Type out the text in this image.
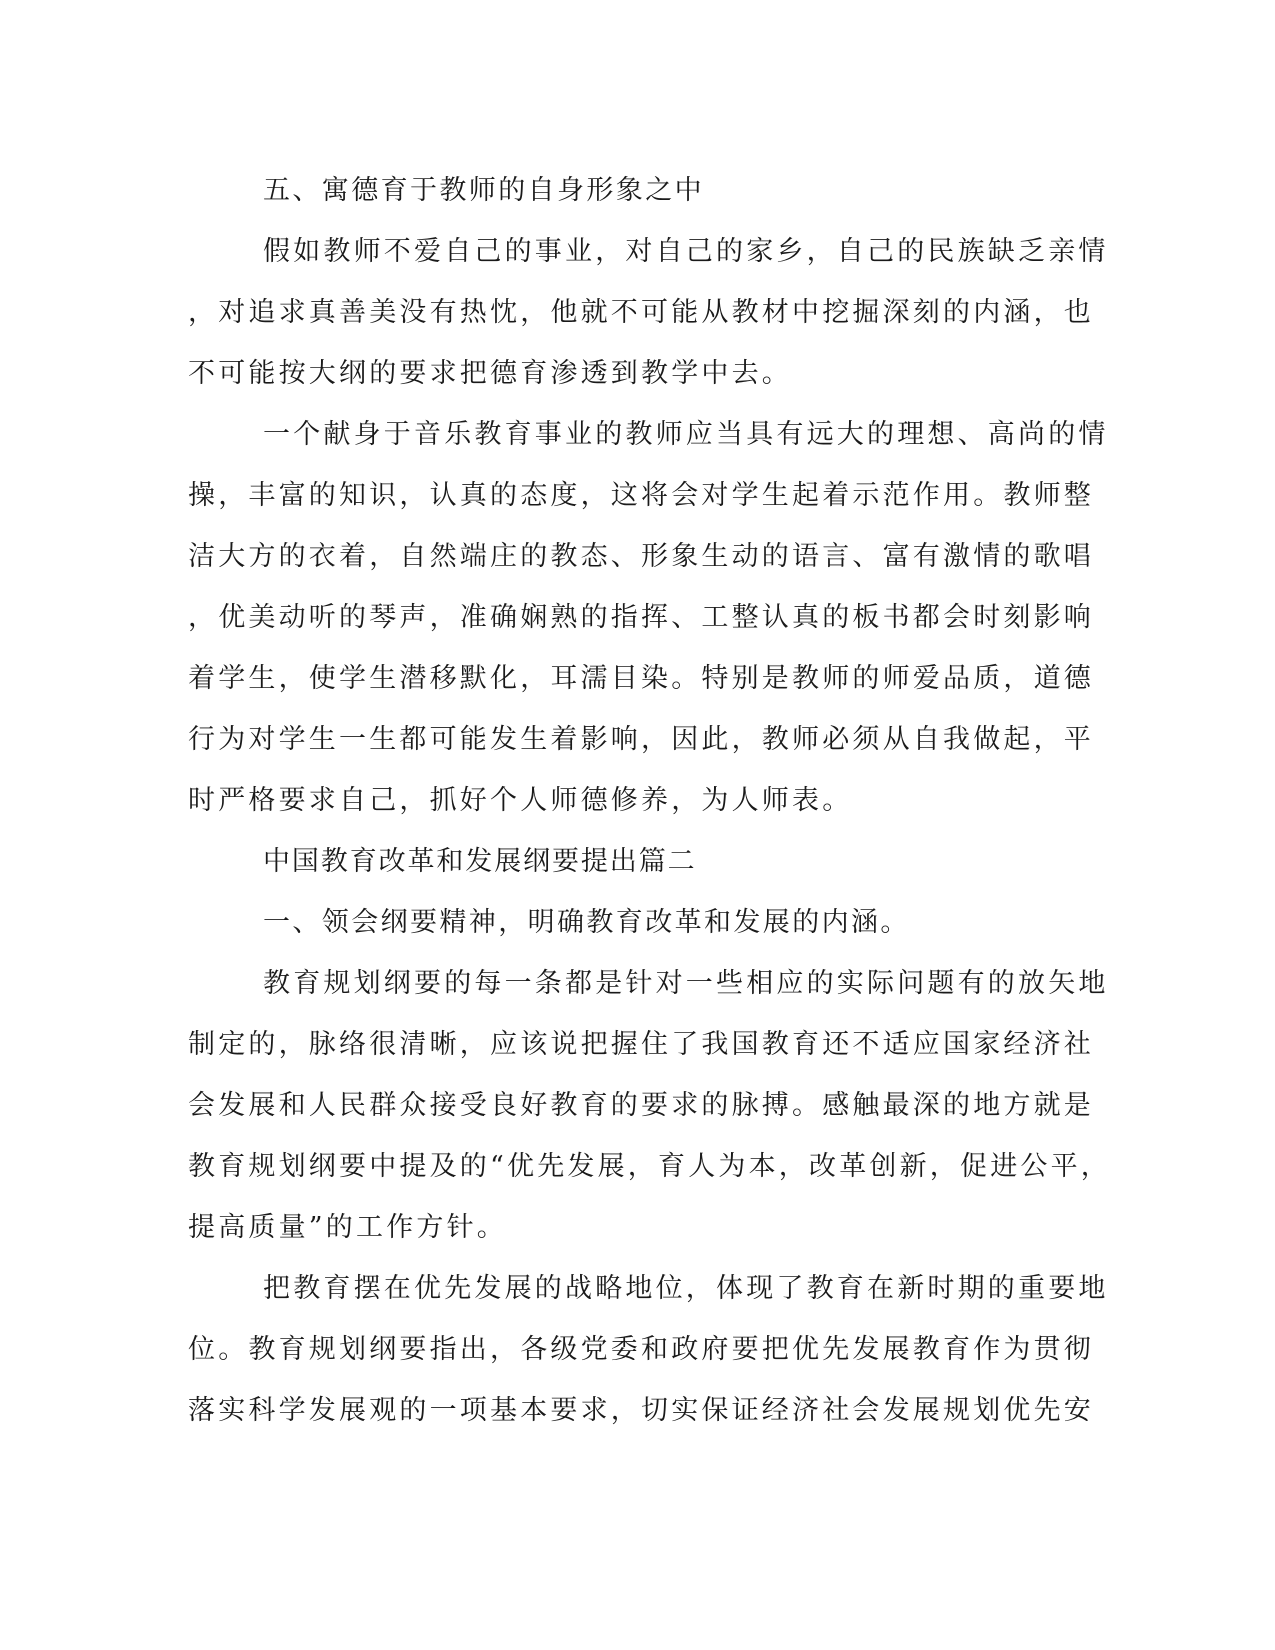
五、寓德育于教师的自身形象之中
假如教师不爱自己的事业，对自己的家乡，自己的民族缺乏亲情
，对追求真善美没有热忱，他就不可能从教材中挖掘深刻的内涵，也
不可能按大纲的要求把德育渗透到教学中去。
一个献身于音乐教育事业的教师应当具有远大的理想、高尚的情
操，丰富的知识，认真的态度，这将会对学生起着示范作用。教师整
洁大方的衣着，自然端庄的教态、形象生动的语言、富有激情的歌唱
，优美动听的琴声，准确娴熟的指挥、工整认真的板书都会时刻影响
着学生，使学生潜移默化，耳濡目染。特别是教师的师爱品质，道德
行为对学生一生都可能发生着影响，因此，教师必须从自我做起，平
时严格要求自己，抓好个人师德修养，为人师表。
中国教育改革和发展纲要提出篇二
一、领会纲要精神，明确教育改革和发展的内涵。
教育规划纲要的每一条都是针对一些相应的实际问题有的放矢地
制定的，脉络很清晰，应该说把握住了我国教育还不适应国家经济社
会发展和人民群众接受良好教育的要求的脉搏。感触最深的地方就是
教育规划纲要中提及的“优先发展，育人为本，改革创新，促进公平，
提高质量”的工作方针。
把教育摆在优先发展的战略地位，体现了教育在新时期的重要地
位。教育规划纲要指出，各级党委和政府要把优先发展教育作为贯彻
落实科学发展观的一项基本要求，切实保证经济社会发展规划优先安
